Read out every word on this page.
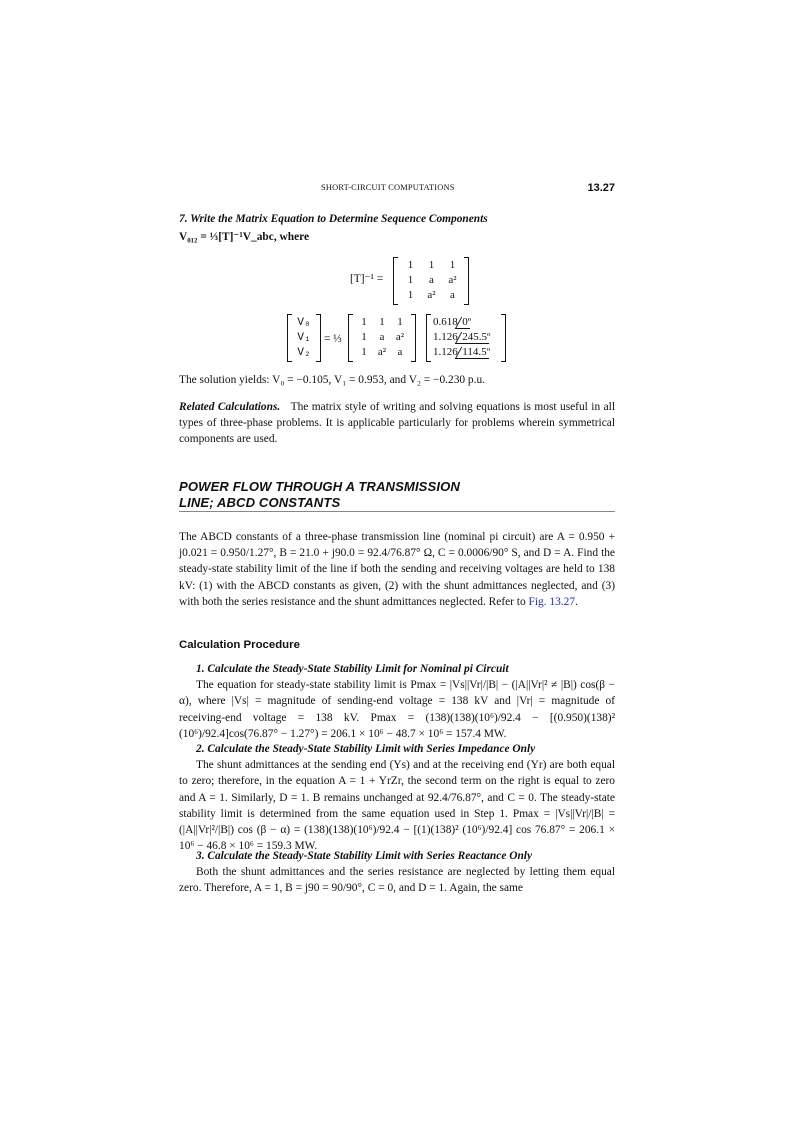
SHORT-CIRCUIT COMPUTATIONS	13.27
7. Write the Matrix Equation to Determine Sequence Components
V₀₁₂ = ⅓[T]⁻¹V_abc, where
[T]⁻¹ =
1	1	1
1	a	a²
1	a²	a
V₀
V₁
V₂
= ⅓
1	1	1
1	a	a²
1	a²	a
0.618 0º
1.126 245.5º
1.126 114.5º
The solution yields: V₀ = −0.105, V₁ = 0.953, and V₂ = −0.230 p.u.

Related Calculations. The matrix style of writing and solving equations is most useful in all types of three-phase problems. It is applicable particularly for problems wherein symmetrical components are used.

POWER FLOW THROUGH A TRANSMISSION
LINE; ABCD CONSTANTS

The ABCD constants of a three-phase transmission line (nominal pi circuit) are A = 0.950 + j0.021 = 0.950/1.27°, B = 21.0 + j90.0 = 92.4/76.87° Ω, C = 0.0006/90° S, and D = A. Find the steady-state stability limit of the line if both the sending and receiving voltages are held to 138 kV: (1) with the ABCD constants as given, (2) with the shunt admittances neglected, and (3) with both the series resistance and the shunt admittances neglected. Refer to Fig. 13.27.

Calculation Procedure
1. Calculate the Steady-State Stability Limit for Nominal pi Circuit

The equation for steady-state stability limit is Pmax = |Vs||Vr|/|B| − (|A||Vr|² ≠ |B|) cos(β − α), where |Vs| = magnitude of sending-end voltage = 138 kV and |Vr| = magnitude of receiving-end voltage = 138 kV. Pmax = (138)(138)(10⁶)/92.4 − [(0.950)(138)² (10⁶)/92.4]cos(76.87° − 1.27°) = 206.1 × 10⁶ − 48.7 × 10⁶ = 157.4 MW.

2. Calculate the Steady-State Stability Limit with Series Impedance Only

The shunt admittances at the sending end (Ys) and at the receiving end (Yr) are both equal to zero; therefore, in the equation A = 1 + YrZr, the second term on the right is equal to zero and A = 1. Similarly, D = 1. B remains unchanged at 92.4/76.87°, and C = 0. The steady-state stability limit is determined from the same equation used in Step 1. Pmax = |Vs||Vr|/|B| = (|A||Vr|²/|B|) cos (β − α) = (138)(138)(10⁶)/92.4 − [(1)(138)² (10⁶)/92.4] cos 76.87° = 206.1 × 10⁶ − 46.8 × 10⁶ = 159.3 MW.

3. Calculate the Steady-State Stability Limit with Series Reactance Only

Both the shunt admittances and the series resistance are neglected by letting them equal zero. Therefore, A = 1, B = j90 = 90/90°, C = 0, and D = 1. Again, the same
